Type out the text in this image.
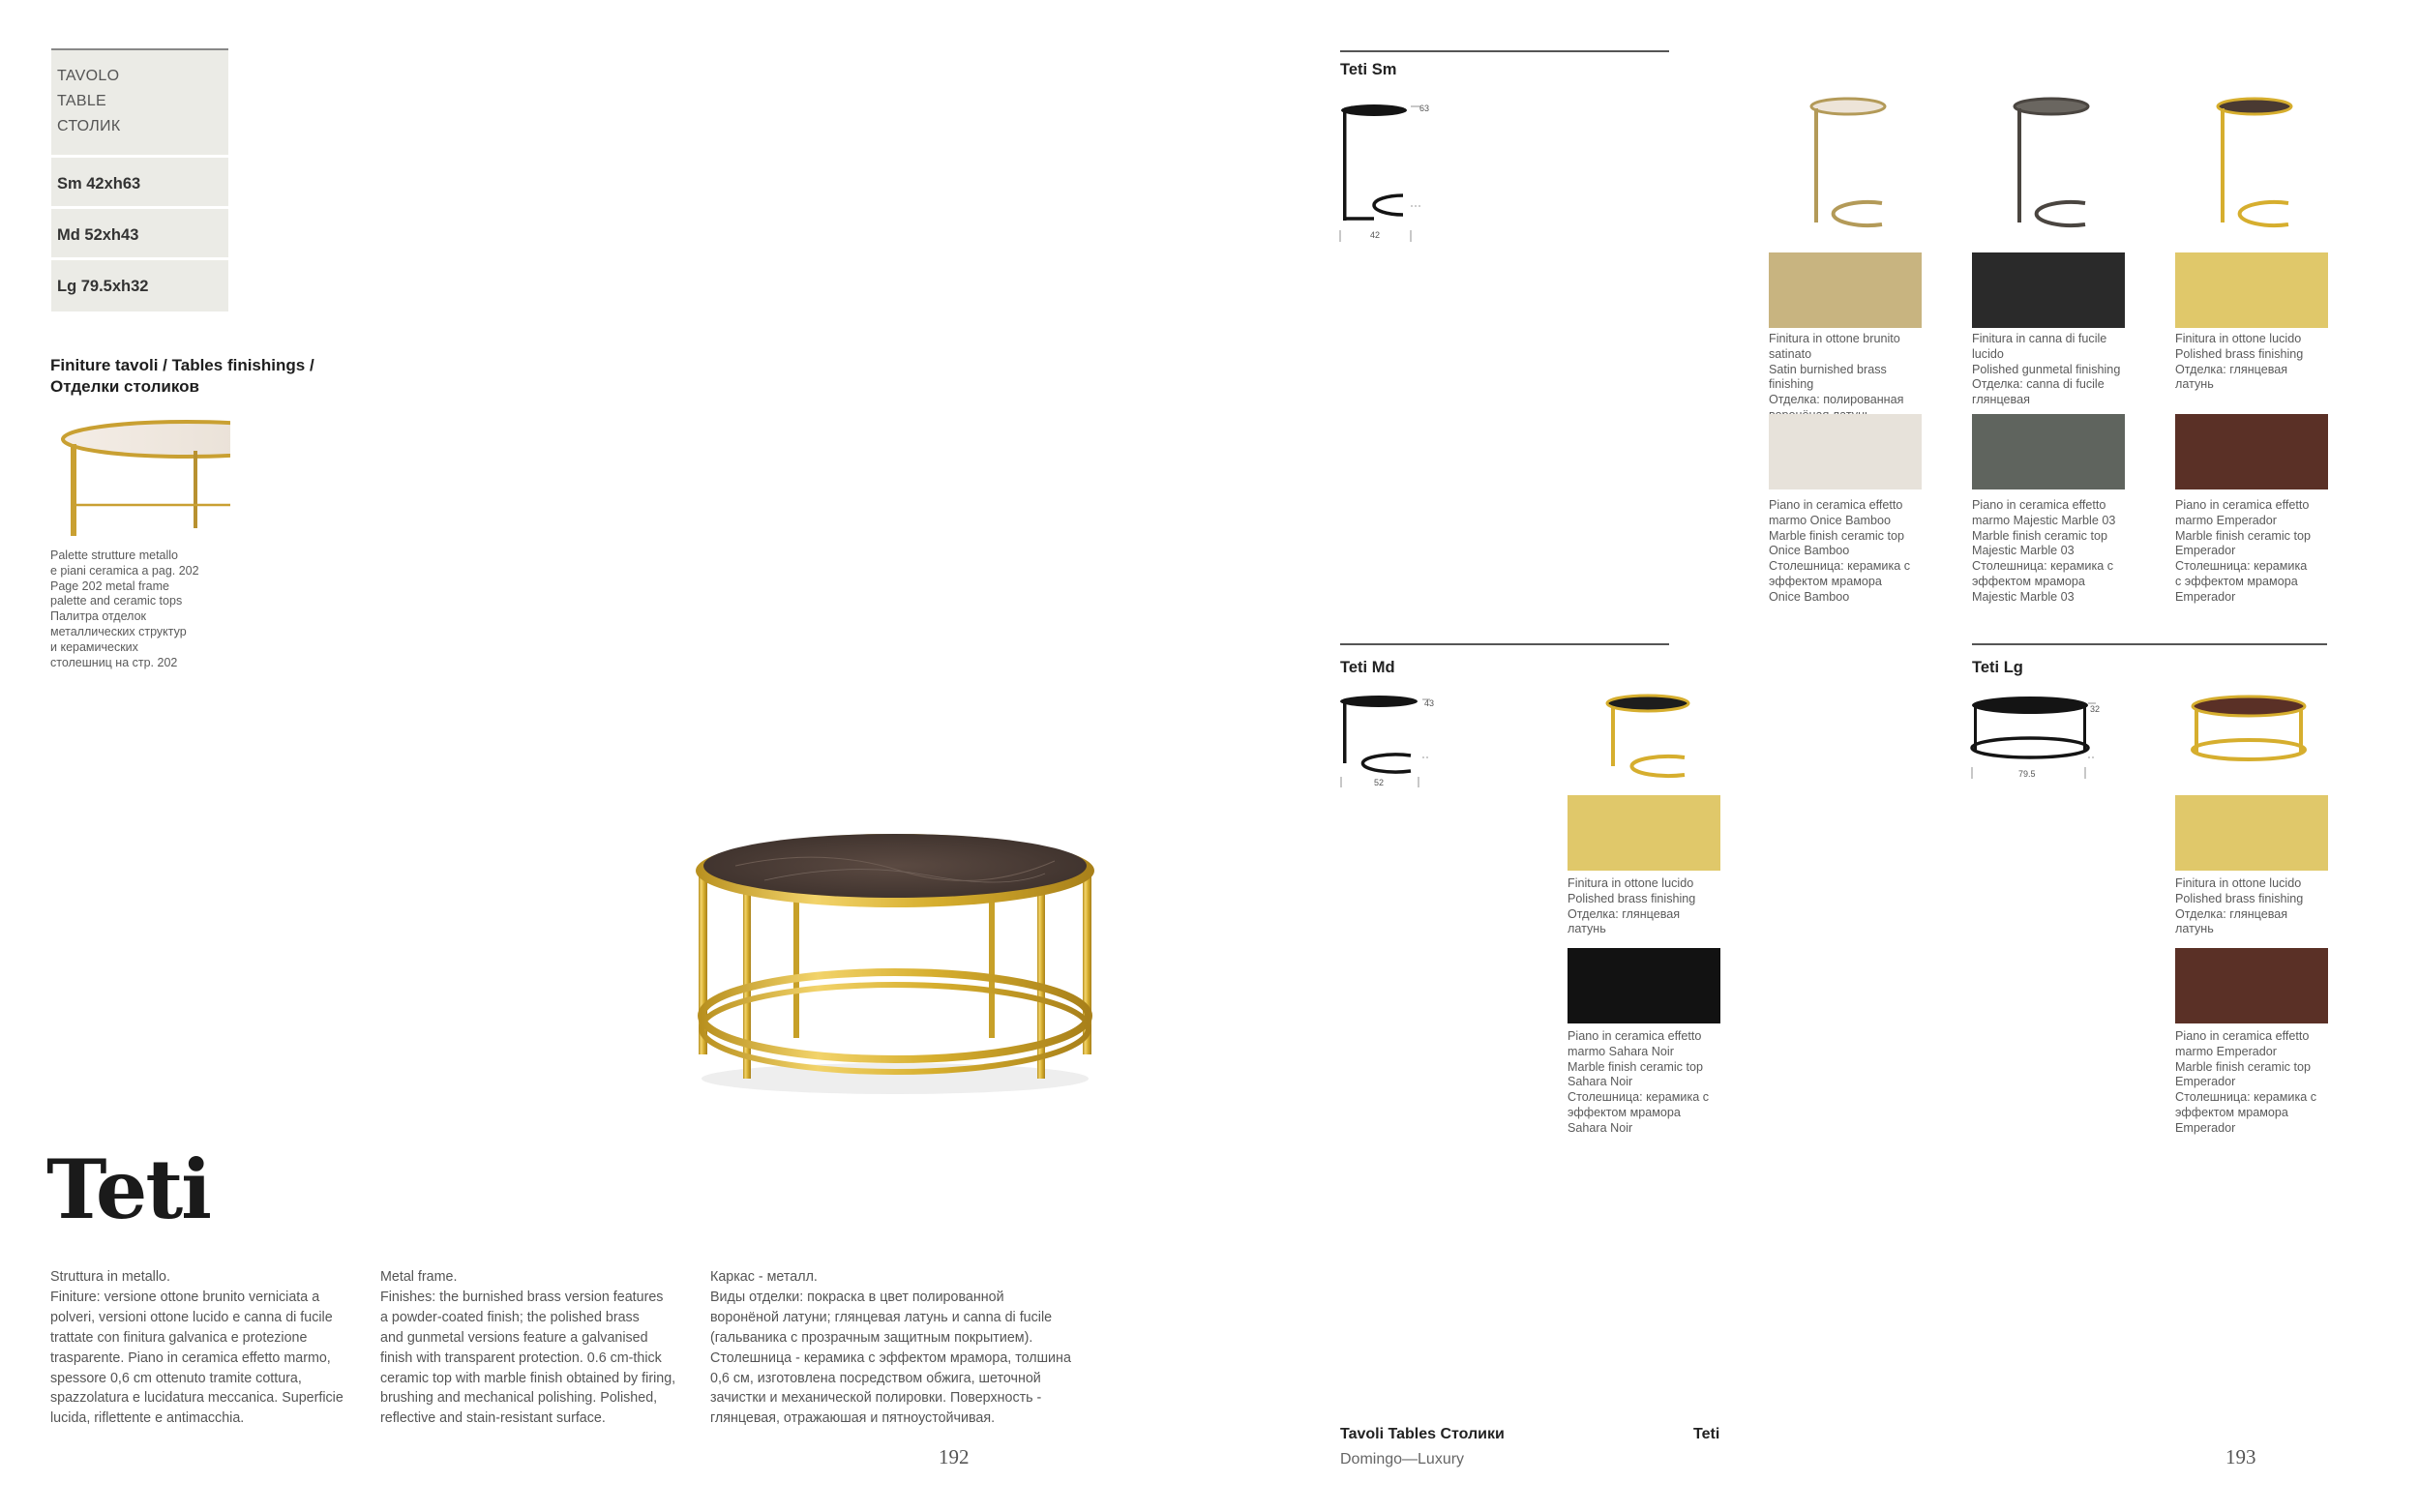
TAVOLO
TABLE
СТОЛИК
Sm 42xh63
Md 52xh43
Lg 79.5xh32
Finiture tavoli / Tables finishings /
Отделки столиков
Palette strutture metallo
e piani ceramica a pag. 202
Page 202 metal frame
palette and ceramic tops
Палитра отделок
металлических структур
и керамических
столешниц на стр. 202
Teti
Struttura in metallo.
Finiture: versione ottone brunito verniciata a
polveri, versioni ottone lucido e canna di fucile
trattate con finitura galvanica e protezione
trasparente. Piano in ceramica effetto marmo,
spessore 0,6 cm ottenuto tramite cottura,
spazzolatura e lucidatura meccanica. Superficie
lucida, riflettente e antimacchia.
Metal frame.
Finishes: the burnished brass version features
a powder-coated finish; the polished brass
and gunmetal versions feature a galvanised
finish with transparent protection. 0.6 cm-thick
ceramic top with marble finish obtained by firing,
brushing and mechanical polishing. Polished,
reflective and stain-resistant surface.
Каркас - металл.
Виды отделки: покраска в цвет полированной
воронёной латуни; глянцевая латунь и canna di fucile
(гальваника с прозрачным защитным покрытием).
Столешница - керамика с эффектом мрамора, толшина
0,6 см, изготовлена посредством обжига, шеточной
зачистки и механической полировки. Поверхность -
глянцевая, отражаюшая и пятноустойчивая.
192
Teti Sm
63
42
Finitura in ottone brunito
satinato
Satin burnished brass finishing
Отделка: полированная
Finitura in canna di fucile
lucido
Polished gunmetal finishing
Отделка: canna di fucile
глянцевая
Finitura in ottone lucido
Polished brass finishing
Отделка: глянцевая
латунь
Piano in ceramica effetto
marmo Onice Bamboo
Marble finish ceramic top
Onice Bamboo
Столешница: керамика с
эффектом мрамора
Onice Bamboo
Piano in ceramica effetto
marmo Majestic Marble 03
Marble finish ceramic top
Majestic Marble 03
Столешница: керамика с
эффектом мрамора
Majestic Marble 03
Piano in ceramica effetto
marmo Emperador
Marble finish ceramic top
Emperador
Столешница: керамика
с эффектом мрамора
Emperador
Teti Md
43
52
Finitura in ottone lucido
Polished brass finishing
Отделка: глянцевая
латунь
Piano in ceramica effetto
marmo Sahara Noir
Marble finish ceramic top
Sahara Noir
Столешница: керамика с
эффектом мрамора
Sahara Noir
Teti Lg
32
79.5
Finitura in ottone lucido
Polished brass finishing
Отделка: глянцевая
латунь
Piano in ceramica effetto
marmo Emperador
Marble finish ceramic top
Emperador
Столешница: керамика с
эффектом мрамора
Emperador
Tavoli Tables Столики
Domingo—Luxury
Teti
193
